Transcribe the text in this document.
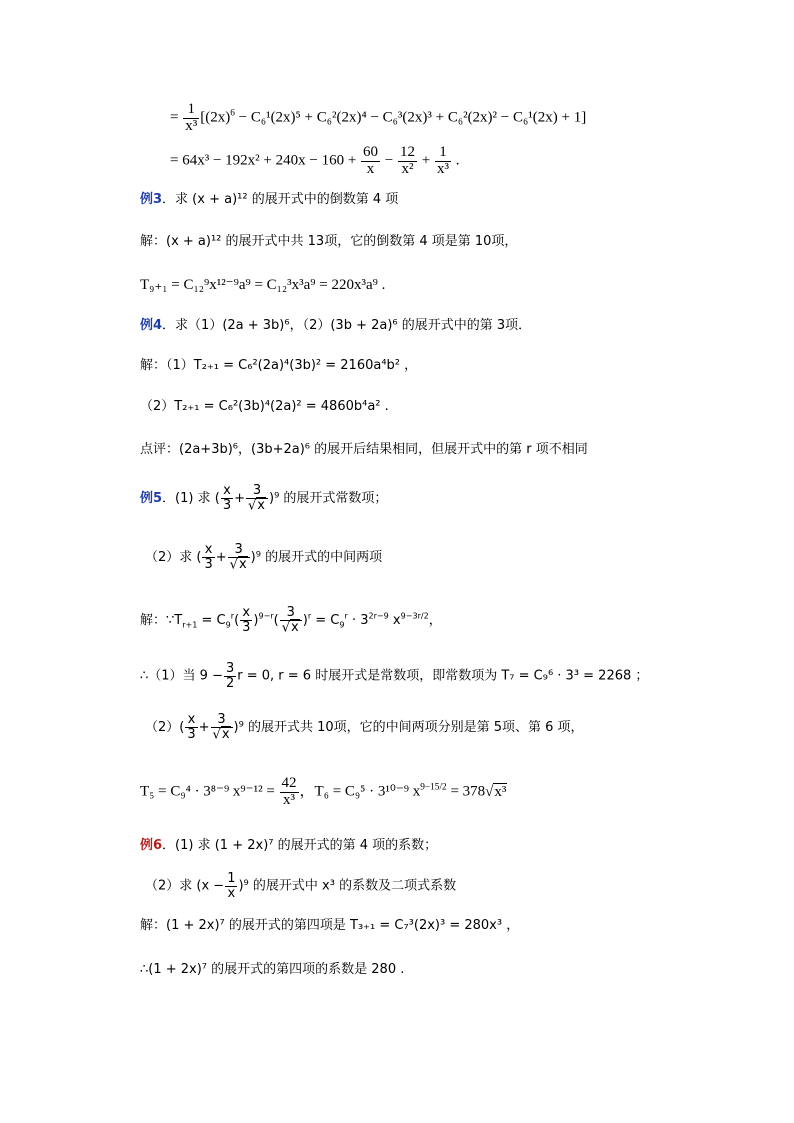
= $\frac{1}{\text{x³}} [(2x)^6 - C_6^1(2x)^5 + C_6^2(2x)^4 - C_6^3(2x)^3 + C_6^2(2x)^2 - C_6^1(2x) + 1]$
= $64x^3 - 192x^2 + 240x - 160 + \frac{60}{x} - \frac{12}{\text{x²}} + \frac{1}{\text{x³}}$ .
例3．求 (x + a)¹² 的展开式中的倒数第 4 项
解：(x + a)¹² 的展开式中共 13项，它的倒数第 4 项是第 10项，
T₉₊₁ = C₁₂⁹x¹²⁻⁹a⁹ = C₁₂³x³a⁹ = 220x³a⁹ .
例4．求（1）(2a + 3b)⁶，（2）(3b + 2a)⁶ 的展开式中的第 3项．
解：（1）T₂₊₁ = C₆²(2a)⁴(3b)² = 2160a⁴b² ，
（2）T₂₊₁ = C₆²(3b)⁴(2a)² = 4860b⁴a² .
点评：(2a+3b)⁶，(3b+2a)⁶ 的展开后结果相同，但展开式中的第 r 项不相同
例5．(1) 求 ( $\frac{x}{3} + \frac{3}{√x} )^9$ 的展开式常数项；
（2）求 ( $\frac{x}{3} + \frac{3}{√x} )^9$ 的展开式的中间两项
解：$\because T_{r+1} = C_9^r( \frac{x}{3} )^{9-r}( \frac{3}{√x} )^r = C_9^r \cdot 3^{2r-9}$ $x^{9-3r/2}$，
∴（1）当 $9 - \frac{3}{2}$ r = 0, r = 6 时展开式是常数项，即常数项为 T₇ = C₉⁶ · 3³ = 2268 ；
$(2)( \frac{x}{3} + \frac{3}{√x} )^9$ 的展开式共 10项，它的中间两项分别是第 5项、第 6 项，
T₅ = C₉⁴ · 3⁸⁻⁹ $x^{9-12} = \frac{42}{\text{x³}}$ ，T₆ = C₉⁵ · 3¹⁰⁻⁹ $x^{9-15/2} = 378√x^3$
例6．(1) 求 (1 + 2x)⁷ 的展开式的第 4 项的系数；
（2）求 $(x - \frac{1}{x} )^9$ 的展开式中 x³ 的系数及二项式系数
解：(1 + 2x)⁷ 的展开式的第四项是 T₃₊₁ = C₇³(2x)³ = 280x³ ，
∴(1 + 2x)⁷ 的展开式的第四项的系数是 280 .
